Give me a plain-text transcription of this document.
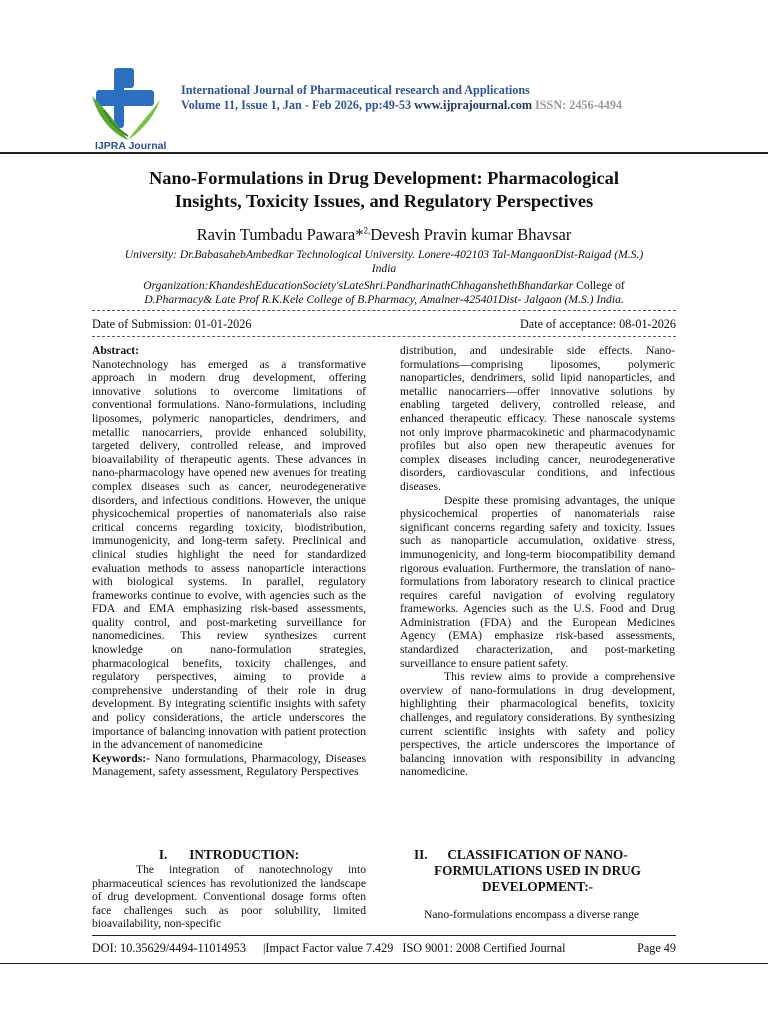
IJPRA Journal
International Journal of Pharmaceutical research and Applications
Volume 11, Issue 1, Jan - Feb 2026, pp:49-53 www.ijprajournal.com ISSN: 2456-4494
Nano-Formulations in Drug Development: Pharmacological
Insights, Toxicity Issues, and Regulatory Perspectives
Ravin Tumbadu Pawara*$^{2,}$Devesh Pravin kumar Bhavsar
University: Dr.BabasahebAmbedkar Technological University. Lonere-402103 Tal-MangaonDist-Raigad (M.S.)
India
Organization:KhandeshEducationSociety'sLateShri.PandharinathChhaganshethBhandarkar College of
D.Pharmacy& Late Prof R.K.Kele College of B.Pharmacy, Amalner-425401Dist- Jalgaon (M.S.) India.
Date of Submission: 01-01-2026	Date of acceptance: 08-01-2026

Abstract:

Nanotechnology has emerged as a transformative approach in modern drug development, offering innovative solutions to overcome limitations of conventional formulations. Nano-formulations, including liposomes, polymeric nanoparticles, dendrimers, and metallic nanocarriers, provide enhanced solubility, targeted delivery, controlled release, and improved bioavailability of therapeutic agents. These advances in nano-pharmacology have opened new avenues for treating complex diseases such as cancer, neurodegenerative disorders, and infectious conditions. However, the unique physicochemical properties of nanomaterials also raise critical concerns regarding toxicity, biodistribution, immunogenicity, and long-term safety. Preclinical and clinical studies highlight the need for standardized evaluation methods to assess nanoparticle interactions with biological systems. In parallel, regulatory frameworks continue to evolve, with agencies such as the FDA and EMA emphasizing risk-based assessments, quality control, and post-marketing surveillance for nanomedicines. This review synthesizes current knowledge on nano-formulation strategies, pharmacological benefits, toxicity challenges, and regulatory perspectives, aiming to provide a comprehensive understanding of their role in drug development. By integrating scientific insights with safety and policy considerations, the article underscores the importance of balancing innovation with patient protection in the advancement of nanomedicine

Keywords:- Nano formulations, Pharmacology, Diseases Management, safety assessment, Regulatory Perspectives

distribution, and undesirable side effects. Nano-formulations—comprising liposomes, polymeric nanoparticles, dendrimers, solid lipid nanoparticles, and metallic nanocarriers—offer innovative solutions by enabling targeted delivery, controlled release, and enhanced therapeutic efficacy. These nanoscale systems not only improve pharmacokinetic and pharmacodynamic profiles but also open new therapeutic avenues for complex diseases including cancer, neurodegenerative disorders, cardiovascular conditions, and infectious diseases.

Despite these promising advantages, the unique physicochemical properties of nanomaterials raise significant concerns regarding safety and toxicity. Issues such as nanoparticle accumulation, oxidative stress, immunogenicity, and long-term biocompatibility demand rigorous evaluation. Furthermore, the translation of nano-formulations from laboratory research to clinical practice requires careful navigation of evolving regulatory frameworks. Agencies such as the U.S. Food and Drug Administration (FDA) and the European Medicines Agency (EMA) emphasize risk-based assessments, standardized characterization, and post-marketing surveillance to ensure patient safety.

This review aims to provide a comprehensive overview of nano-formulations in drug development, highlighting their pharmacological benefits, toxicity challenges, and regulatory considerations. By synthesizing current scientific insights with safety and policy perspectives, the article underscores the importance of balancing innovation with responsibility in advancing nanomedicine.

I. INTRODUCTION:

The integration of nanotechnology into pharmaceutical sciences has revolutionized the landscape of drug development. Conventional dosage forms often face challenges such as poor solubility, limited bioavailability, non-specific

II.	CLASSIFICATION OF NANO-
FORMULATIONS USED IN DRUG
DEVELOPMENT:-
Nano-formulations encompass a diverse range
DOI: 10.35629/4494-11014953 |Impact Factor value 7.429 ISO 9001: 2008 Certified Journal	Page 49
